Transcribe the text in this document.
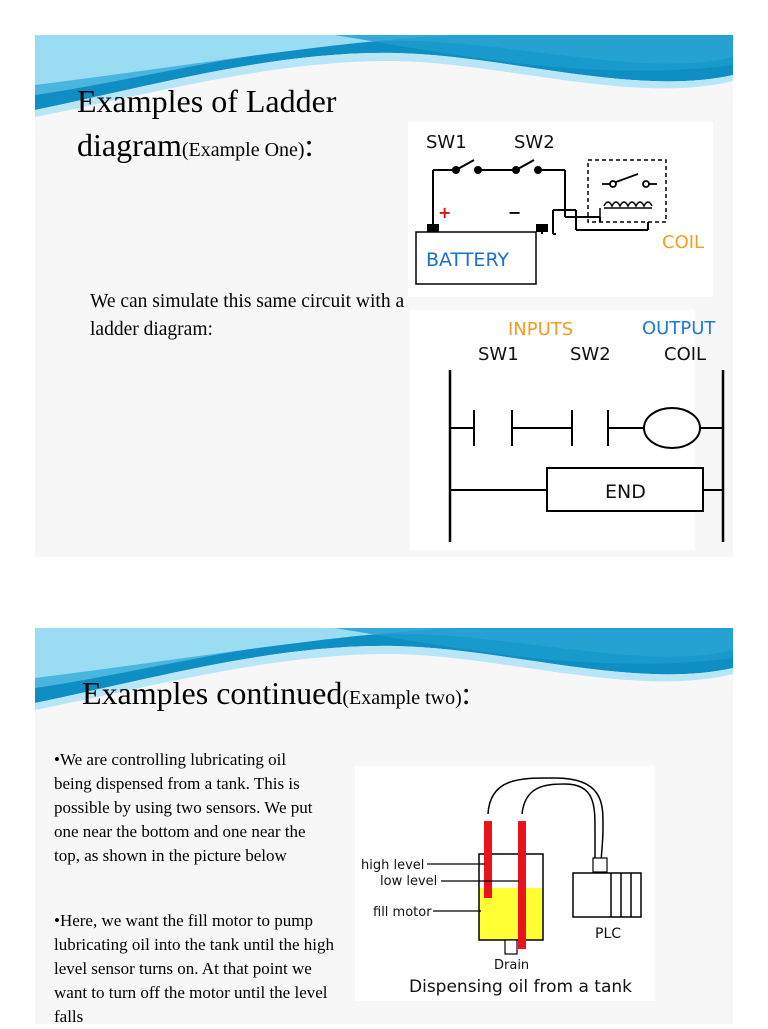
Examples of Ladder diagram(Example One):

We can simulate this same circuit with a ladder diagram:

SW1	SW2
BATTERY
+	−
COIL
INPUTS	OUTPUT
SW1	SW2	COIL
END
Examples continued(Example two):

•We are controlling lubricating oil being dispensed from a tank. This is possible by using two sensors. We put one near the bottom and one near the top, as shown in the picture below

•Here, we want the fill motor to pump lubricating oil into the tank until the high level sensor turns on. At that point we want to turn off the motor until the level falls

PLC
high level
low level
fill motor
Drain
Dispensing oil from a tank
